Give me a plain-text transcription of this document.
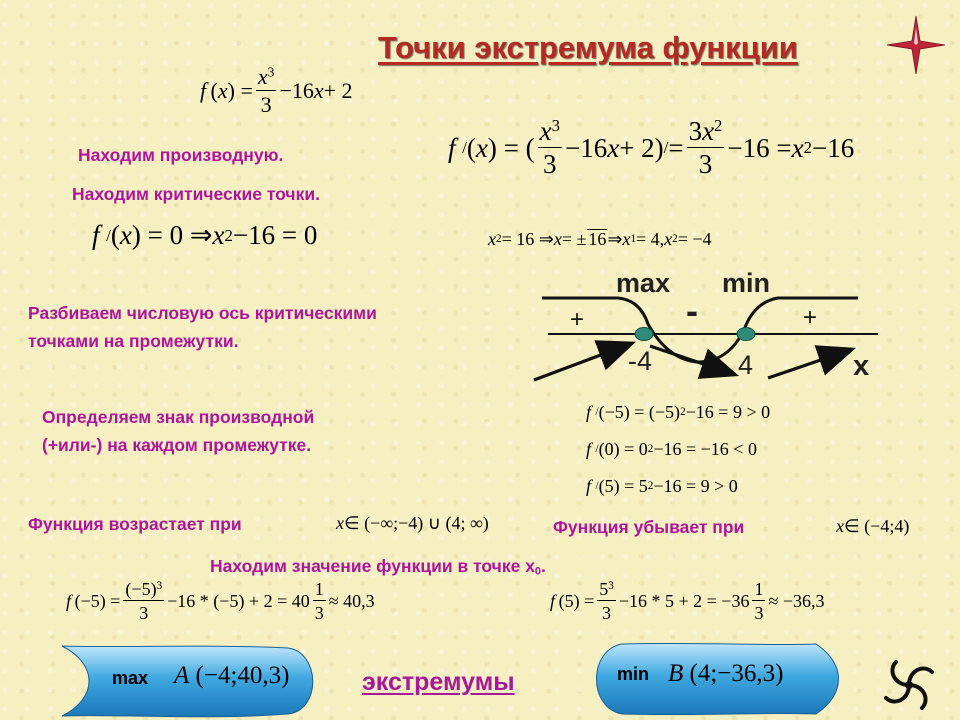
Точки экстремума функции
f  ( x ) = $\frac{x^3}{3} -16$ x + 2
Находим производную.	f
/ ( x ) = ( $\frac{x^3}{3} -16$ x + 2) / = $\frac{3x^2}{3} -16 = x$ 2 −16
Находим критические точки.
f
/ ( x ) = 0 ⇒ x 2 −16 = 0	x 2 = 16 ⇒ x = ± 16 ⇒ x 1 = 4, x 2 = −4
Разбиваем числовую ось критическими
точками на промежутки.
max min
+	-	+
-4	4	x
Определяем знак производной
(+или-) на каждом промежутке.
f
/ (−5) = (−5) 2 −16 = 9 > 0
f
/ (0) = 0 2 −16 = −16 < 0
f
/ (5) = 5 2 −16 = 9 > 0
Функция возрастает при	x ∈ (−∞;−4) ∪ (4; ∞)	Функция убывает при	x ∈ (−4;4)
Находим значение функции в точке $x_0$.
f  $(-5) = \frac{(-5)^3}{3} -16 * (-5) + 2 = 40 \frac{1}{3} \approx 40,3$	f  $(5) = \frac{5^3}{3} -16 * 5 + 2 = -36 \frac{1}{3} \approx -36,3$
max A
(−4;40,3)	экстремумы	min B
(4;−36,3)
